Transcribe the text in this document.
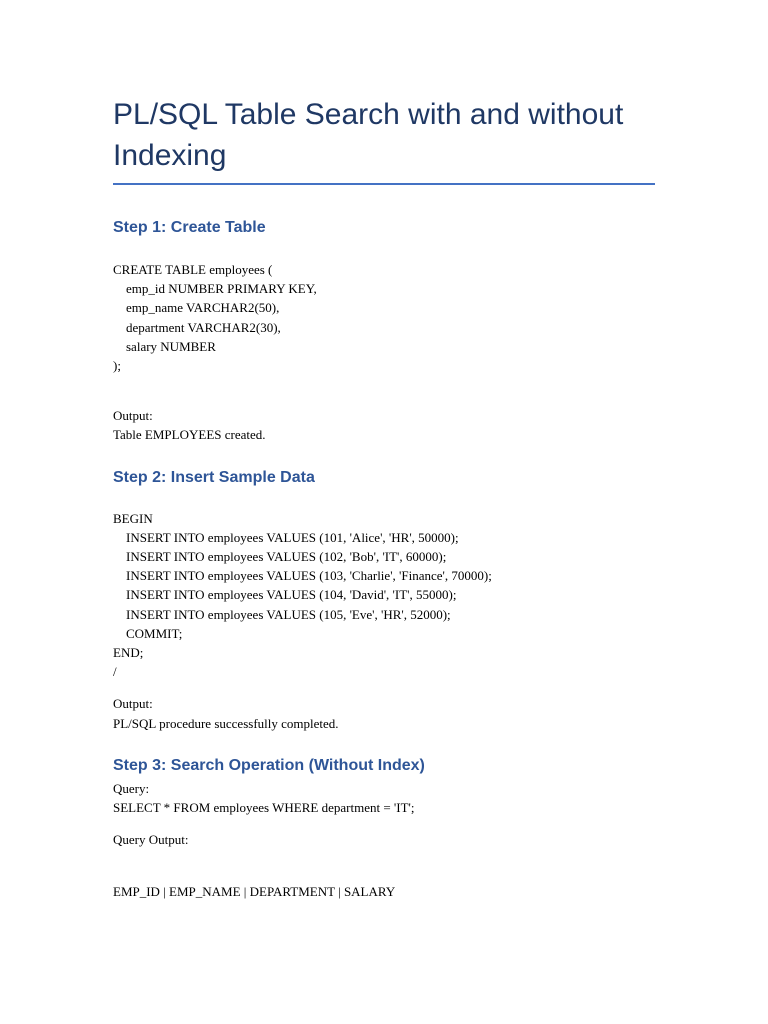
PL/SQL Table Search with and without
Indexing
Step 1: Create Table
CREATE TABLE employees (
emp_id NUMBER PRIMARY KEY,
emp_name VARCHAR2(50),
department VARCHAR2(30),
salary NUMBER
);
Output:
Table EMPLOYEES created.
Step 2: Insert Sample Data
BEGIN
INSERT INTO employees VALUES (101, 'Alice', 'HR', 50000);
INSERT INTO employees VALUES (102, 'Bob', 'IT', 60000);
INSERT INTO employees VALUES (103, 'Charlie', 'Finance', 70000);
INSERT INTO employees VALUES (104, 'David', 'IT', 55000);
INSERT INTO employees VALUES (105, 'Eve', 'HR', 52000);
COMMIT;
END;
/
Output:
PL/SQL procedure successfully completed.
Step 3: Search Operation (Without Index)
Query:
SELECT * FROM employees WHERE department = 'IT';
Query Output:
EMP_ID | EMP_NAME | DEPARTMENT | SALARY
